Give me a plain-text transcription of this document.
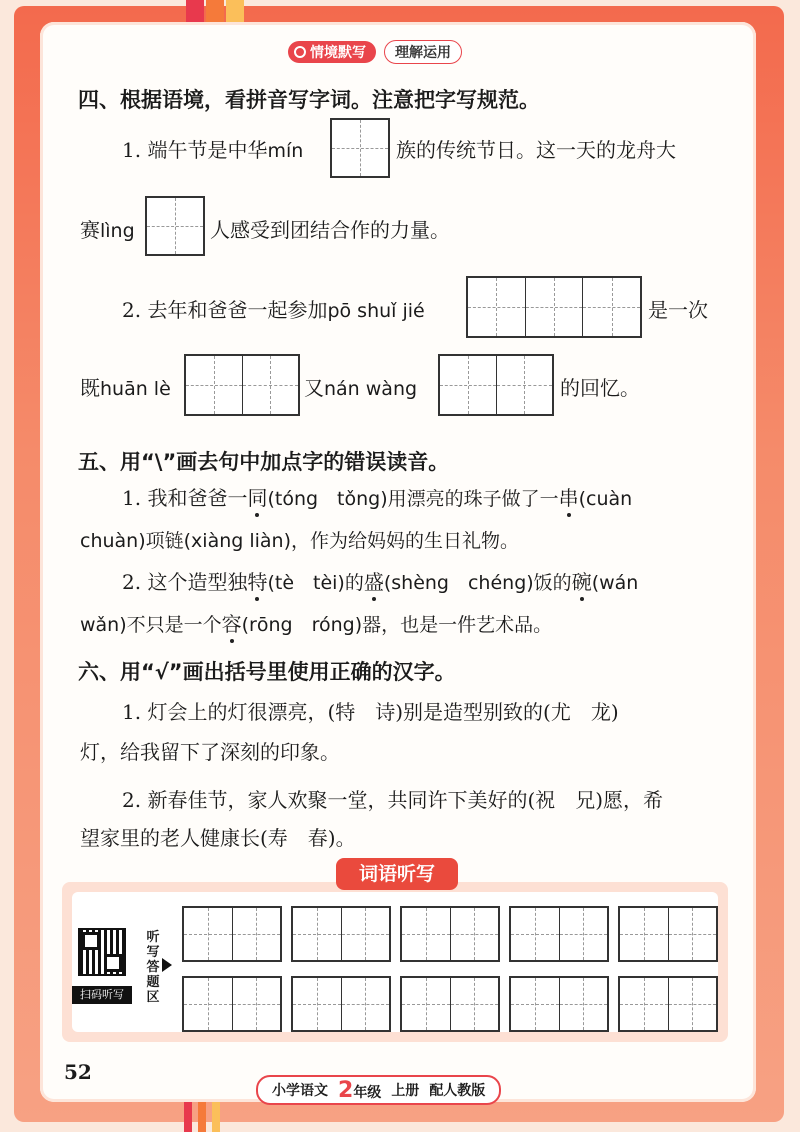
情境默写	理解运用
四、根据语境，看拼音写字词。注意把字写规范。
1. 端午节是中华mín	族的传统节日。这一天的龙舟大
赛lìng	人感受到团结合作的力量。
2. 去年和爸爸一起参加pō shuǐ jié	是一次
既huān lè	又nán wàng	的回忆。
五、用“\”画去句中加点字的错误读音。
1. 我和爸爸一同(tóng　tǒng)用漂亮的珠子做了一串(cuàn
chuàn)项链(xiàng liàn)，作为给妈妈的生日礼物。
2. 这个造型独特(tè　tèi)的盛(shèng　chéng)饭的碗(wán
wǎn)不只是一个容(rōng　róng)器，也是一件艺术品。
六、用“√”画出括号里使用正确的汉字。
1. 灯会上的灯很漂亮，(特　诗)别是造型别致的(尤　龙)
灯，给我留下了深刻的印象。
2. 新春佳节，家人欢聚一堂，共同许下美好的(祝　兄)愿，希
望家里的老人健康长(寿　春)。
词语听写
扫码听写
听写答题区
52
小学语文 2年级 上册 配人教版
